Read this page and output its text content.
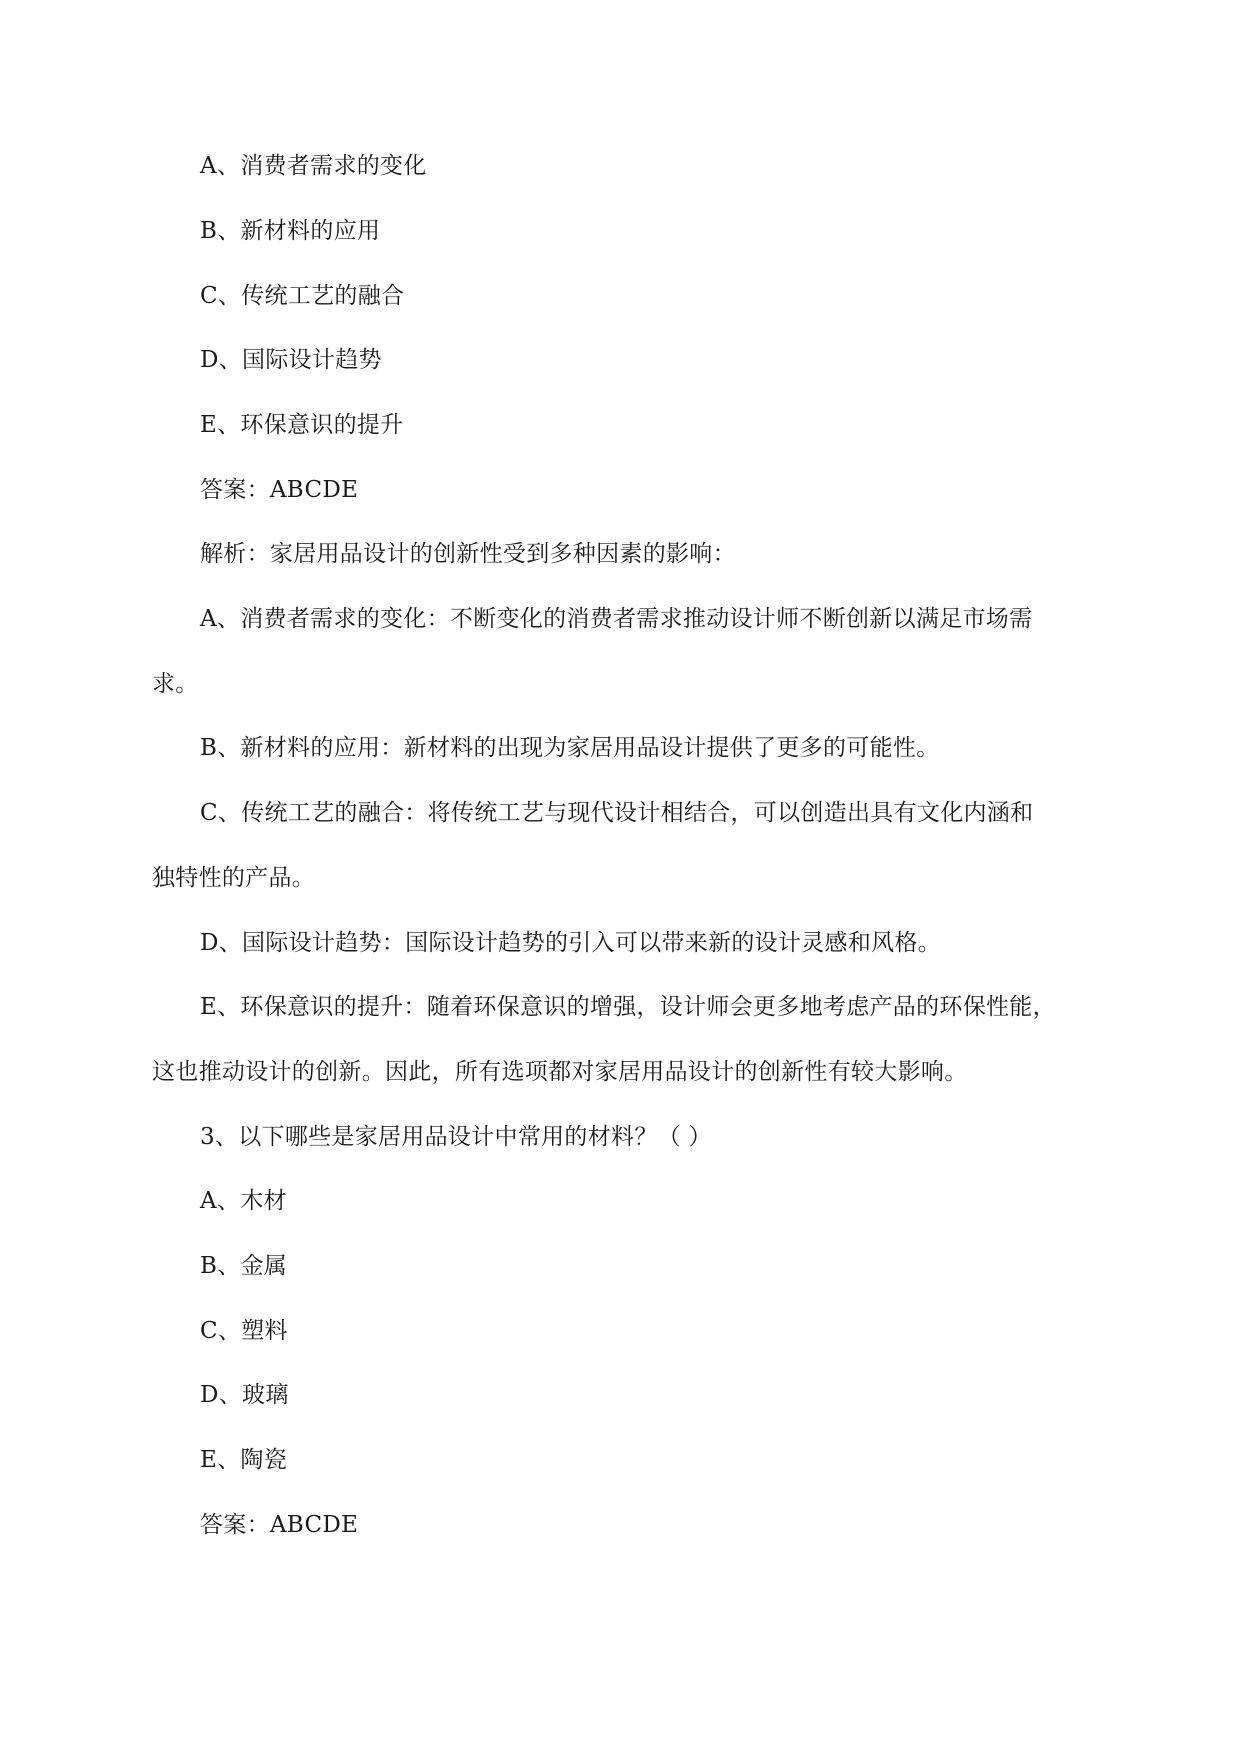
A、消费者需求的变化
B、新材料的应用
C、传统工艺的融合
D、国际设计趋势
E、环保意识的提升
答案：ABCDE
解析：家居用品设计的创新性受到多种因素的影响：
A、消费者需求的变化：不断变化的消费者需求推动设计师不断创新以满足市场需
求。
B、新材料的应用：新材料的出现为家居用品设计提供了更多的可能性。
C、传统工艺的融合：将传统工艺与现代设计相结合，可以创造出具有文化内涵和
独特性的产品。
D、国际设计趋势：国际设计趋势的引入可以带来新的设计灵感和风格。
E、环保意识的提升：随着环保意识的增强，设计师会更多地考虑产品的环保性能，
这也推动设计的创新。因此，所有选项都对家居用品设计的创新性有较大影响。
3、以下哪些是家居用品设计中常用的材料？（ ）
A、木材
B、金属
C、塑料
D、玻璃
E、陶瓷
答案：ABCDE
